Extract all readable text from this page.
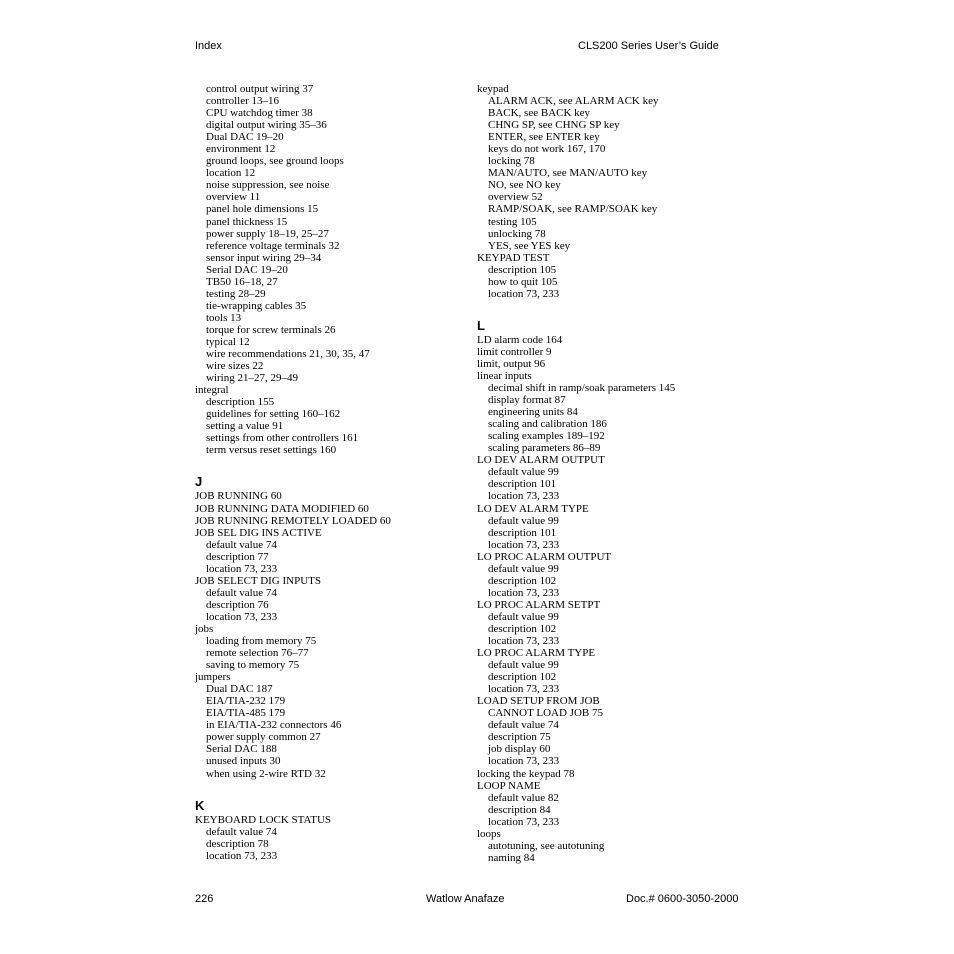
Index	CLS200 Series User’s Guide
control output wiring 37
controller 13–16
CPU watchdog timer 38
digital output wiring 35–36
Dual DAC 19–20
environment 12
ground loops, see ground loops
location 12
noise suppression, see noise
overview 11
panel hole dimensions 15
panel thickness 15
power supply 18–19, 25–27
reference voltage terminals 32
sensor input wiring 29–34
Serial DAC 19–20
TB50 16–18, 27
testing 28–29
tie-wrapping cables 35
tools 13
torque for screw terminals 26
typical 12
wire recommendations 21, 30, 35, 47
wire sizes 22
wiring 21–27, 29–49
integral
description 155
guidelines for setting 160–162
setting a value 91
settings from other controllers 161
term versus reset settings 160
J
JOB RUNNING 60
JOB RUNNING DATA MODIFIED 60
JOB RUNNING REMOTELY LOADED 60
JOB SEL DIG INS ACTIVE
default value 74
description 77
location 73, 233
JOB SELECT DIG INPUTS
default value 74
description 76
location 73, 233
jobs
loading from memory 75
remote selection 76–77
saving to memory 75
jumpers
Dual DAC 187
EIA/TIA-232 179
EIA/TIA-485 179
in EIA/TIA-232 connectors 46
power supply common 27
Serial DAC 188
unused inputs 30
when using 2-wire RTD 32
K
KEYBOARD LOCK STATUS
default value 74
description 78
location 73, 233
keypad
ALARM ACK, see ALARM ACK key
BACK, see BACK key
CHNG SP, see CHNG SP key
ENTER, see ENTER key
keys do not work 167, 170
locking 78
MAN/AUTO, see MAN/AUTO key
NO, see NO key
overview 52
RAMP/SOAK, see RAMP/SOAK key
testing 105
unlocking 78
YES, see YES key
KEYPAD TEST
description 105
how to quit 105
location 73, 233
L
LD alarm code 164
limit controller 9
limit, output 96
linear inputs
decimal shift in ramp/soak parameters 145
display format 87
engineering units 84
scaling and calibration 186
scaling examples 189–192
scaling parameters 86–89
LO DEV ALARM OUTPUT
default value 99
description 101
location 73, 233
LO DEV ALARM TYPE
default value 99
description 101
location 73, 233
LO PROC ALARM OUTPUT
default value 99
description 102
location 73, 233
LO PROC ALARM SETPT
default value 99
description 102
location 73, 233
LO PROC ALARM TYPE
default value 99
description 102
location 73, 233
LOAD SETUP FROM JOB
CANNOT LOAD JOB 75
default value 74
description 75
job display 60
location 73, 233
locking the keypad 78
LOOP NAME
default value 82
description 84
location 73, 233
loops
autotuning, see autotuning
naming 84
226	Watlow Anafaze	Doc.# 0600-3050-2000
